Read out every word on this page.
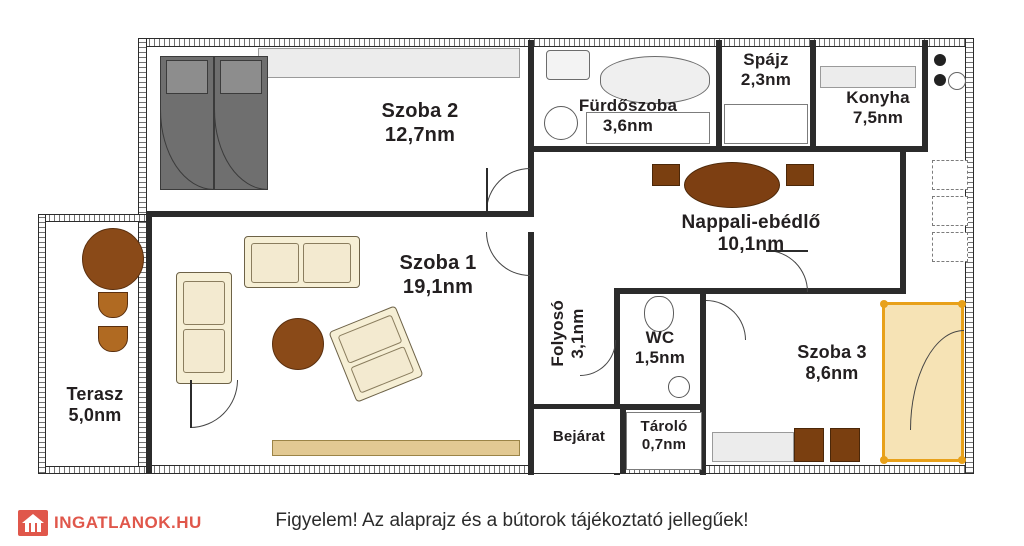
Szoba 2
12,7nm
Fürdőszoba
3,6nm
Spájz
2,3nm
Konyha
7,5nm
Nappali-ebédlő
10,1nm
Szoba 1
19,1nm
Folyosó 3,1nm	WC
1,5nm	Szoba 3
8,6nm
Terasz
5,0nm
Bejárat
Tároló
0,7nm
Figyelem! Az alaprajz és a bútorok tájékoztató jellegűek!
INGATLANOK.HU
